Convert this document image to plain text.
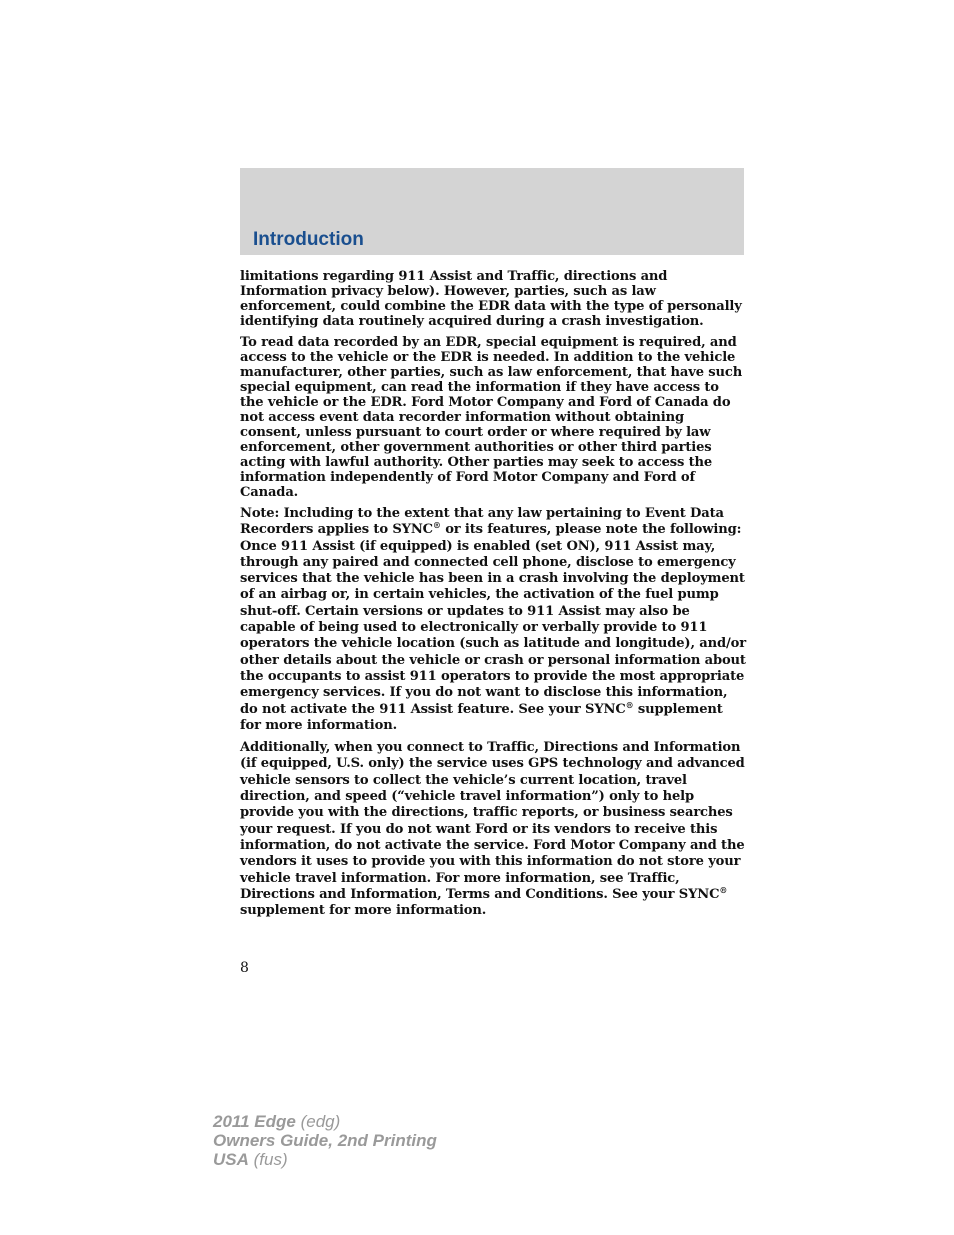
Introduction

limitations regarding 911 Assist and Traffic, directions and Information privacy below). However, parties, such as law enforcement, could combine the EDR data with the type of personally identifying data routinely acquired during a crash investigation.

To read data recorded by an EDR, special equipment is required, and access to the vehicle or the EDR is needed. In addition to the vehicle manufacturer, other parties, such as law enforcement, that have such special equipment, can read the information if they have access to the vehicle or the EDR. Ford Motor Company and Ford of Canada do not access event data recorder information without obtaining consent, unless pursuant to court order or where required by law enforcement, other government authorities or other third parties acting with lawful authority. Other parties may seek to access the information independently of Ford Motor Company and Ford of Canada.

Note: Including to the extent that any law pertaining to Event Data Recorders applies to SYNC® or its features, please note the following: Once 911 Assist (if equipped) is enabled (set ON), 911 Assist may, through any paired and connected cell phone, disclose to emergency services that the vehicle has been in a crash involving the deployment of an airbag or, in certain vehicles, the activation of the fuel pump shut-off. Certain versions or updates to 911 Assist may also be capable of being used to electronically or verbally provide to 911 operators the vehicle location (such as latitude and longitude), and/or other details about the vehicle or crash or personal information about the occupants to assist 911 operators to provide the most appropriate emergency services. If you do not want to disclose this information, do not activate the 911 Assist feature. See your SYNC® supplement for more information.

Additionally, when you connect to Traffic, Directions and Information (if equipped, U.S. only) the service uses GPS technology and advanced vehicle sensors to collect the vehicle’s current location, travel direction, and speed (“vehicle travel information”) only to help provide you with the directions, traffic reports, or business searches your request. If you do not want Ford or its vendors to receive this information, do not activate the service. Ford Motor Company and the vendors it uses to provide you with this information do not store your vehicle travel information. For more information, see Traffic, Directions and Information, Terms and Conditions. See your SYNC® supplement for more information.

8
2011 Edge (edg)
Owners Guide, 2nd Printing
USA (fus)
